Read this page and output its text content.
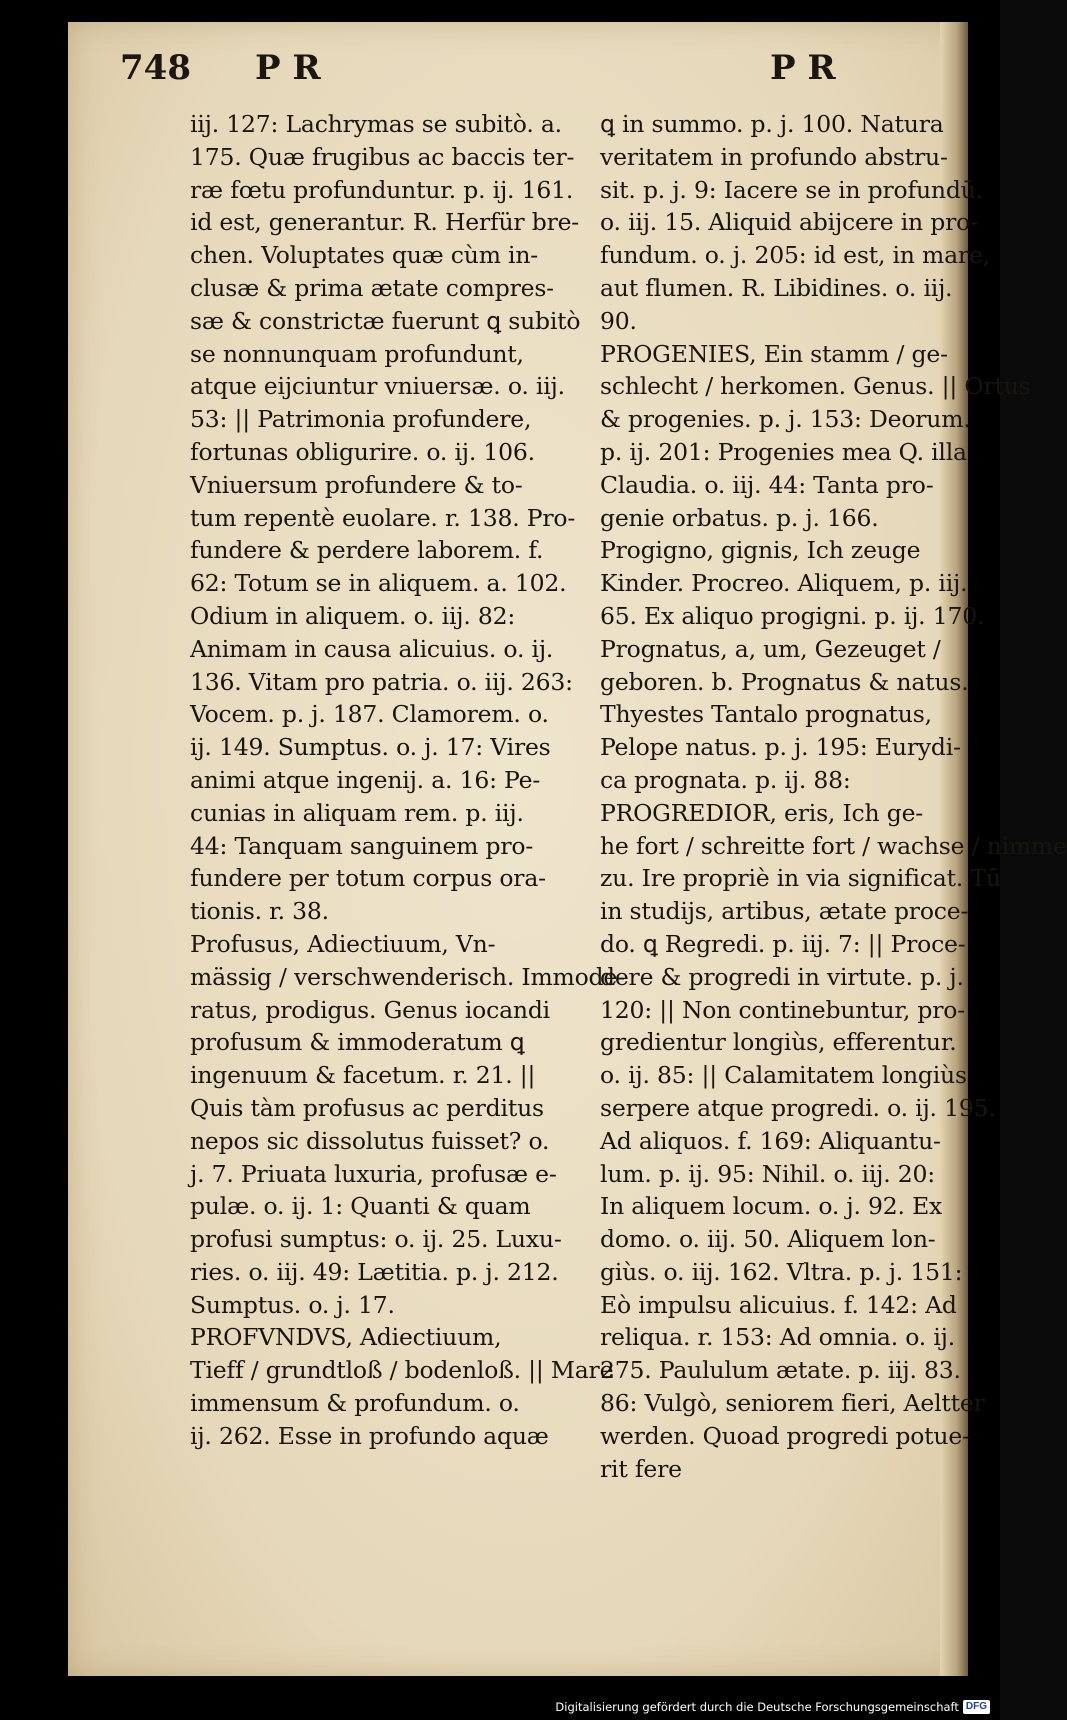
748 P R	P R
iij. 127: Lachrymas se subitò. a.
175. Quæ frugibus ac baccis ter-
ræ fœtu profunduntur. p. ij. 161.
id est, generantur. R. Herfür bre-
chen. Voluptates quæ cùm in-
clusæ & prima ætate compres-
sæ & constrictæ fuerunt ꝗ subitò
se nonnunquam profundunt,
atque eijciuntur vniuersæ. o. iij.
53: || Patrimonia profundere,
fortunas obligurire. o. ij. 106.
Vniuersum profundere & to-
tum repentè euolare. r. 138. Pro-
fundere & perdere laborem. f.
62: Totum se in aliquem. a. 102.
Odium in aliquem. o. iij. 82:
Animam in causa alicuius. o. ij.
136. Vitam pro patria. o. iij. 263:
Vocem. p. j. 187. Clamorem. o.
ij. 149. Sumptus. o. j. 17: Vires
animi atque ingenij. a. 16: Pe-
cunias in aliquam rem. p. iij.
44: Tanquam sanguinem pro-
fundere per totum corpus ora-
tionis. r. 38.
Profusus, Adiectiuum, Vn-
mässig / verschwenderisch. Immode-
ratus, prodigus. Genus iocandi
profusum & immoderatum ꝗ
ingenuum & facetum. r. 21. ||
Quis tàm profusus ac perditus
nepos sic dissolutus fuisset? o.
j. 7. Priuata luxuria, profusæ e-
pulæ. o. ij. 1: Quanti & quam
profusi sumptus: o. ij. 25. Luxu-
ries. o. iij. 49: Lætitia. p. j. 212.
Sumptus. o. j. 17.
PROFVNDVS, Adiectiuum,
Tieff / grundtloß / bodenloß. || Mare
immensum & profundum. o.
ij. 262. Esse in profundo aquæ
ꝗ in summo. p. j. 100. Natura
veritatem in profundo abstru-
sit. p. j. 9: Iacere se in profundū.
o. iij. 15. Aliquid abijcere in pro-
fundum. o. j. 205: id est, in mare,
aut flumen. R. Libidines. o. iij.
90.
PROGENIES, Ein stamm / ge-
schlecht / herkomen. Genus. || Ortus
& progenies. p. j. 153: Deorum.
p. ij. 201: Progenies mea Q. illa
Claudia. o. iij. 44: Tanta pro-
genie orbatus. p. j. 166.
Progigno, gignis, Ich zeuge
Kinder. Procreo. Aliquem, p. iij.
65. Ex aliquo progigni. p. ij. 170.
Prognatus, a, um, Gezeuget /
geboren. b. Prognatus & natus.
Thyestes Tantalo prognatus,
Pelope natus. p. j. 195: Eurydi-
ca prognata. p. ij. 88:
PROGREDIOR, eris, Ich ge-
he fort / schreitte fort / wachse / nimme
zu. Ire propriè in via significat. Tū
in studijs, artibus, ætate proce-
do. ꝗ Regredi. p. iij. 7: || Proce-
dere & progredi in virtute. p. j.
120: || Non continebuntur, pro-
gredientur longiùs, efferentur.
o. ij. 85: || Calamitatem longiùs
serpere atque progredi. o. ij. 195.
Ad aliquos. f. 169: Aliquantu-
lum. p. ij. 95: Nihil. o. iij. 20:
In aliquem locum. o. j. 92. Ex
domo. o. iij. 50. Aliquem lon-
giùs. o. iij. 162. Vltra. p. j. 151:
Eò impulsu alicuius. f. 142: Ad
reliqua. r. 153: Ad omnia. o. ij.
275. Paululum ætate. p. iij. 83.
86: Vulgò, seniorem fieri, Aeltter
werden. Quoad progredi potue-
rit fere
Digitalisierung gefördert durch die Deutsche Forschungsgemeinschaft DFG
